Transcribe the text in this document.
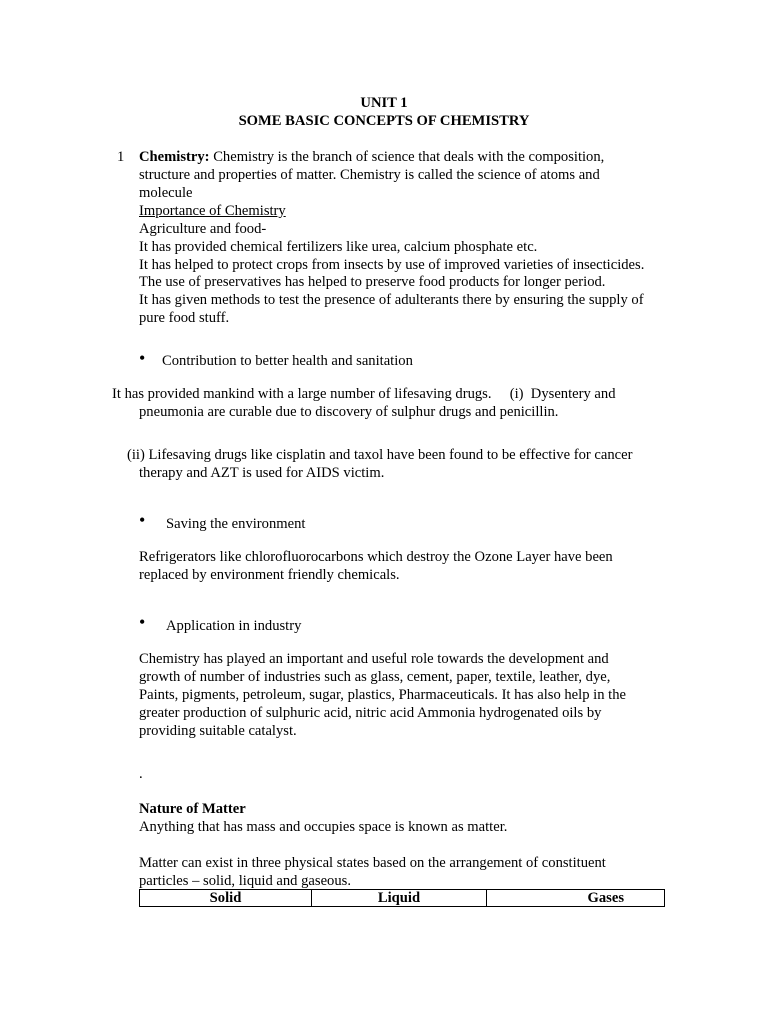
UNIT 1
SOME BASIC CONCEPTS OF CHEMISTRY
1 Chemistry: Chemistry is the branch of science that deals with the composition,
structure and properties of matter. Chemistry is called the science of atoms and
molecule
Importance of Chemistry
Agriculture and food-
It has provided chemical fertilizers like urea, calcium phosphate etc.
It has helped to protect crops from insects by use of improved varieties of insecticides.
The use of preservatives has helped to preserve food products for longer period.
It has given methods to test the presence of adulterants there by ensuring the supply of
pure food stuff.
• Contribution to better health and sanitation
It has provided mankind with a large number of lifesaving drugs.     (i)  Dysentery and
pneumonia are curable due to discovery of sulphur drugs and penicillin.
(ii) Lifesaving drugs like cisplatin and taxol have been found to be effective for cancer
therapy and AZT is used for AIDS victim.
• Saving the environment
Refrigerators like chlorofluorocarbons which destroy the Ozone Layer have been
replaced by environment friendly chemicals.
• Application in industry
Chemistry has played an important and useful role towards the development and
growth of number of industries such as glass, cement, paper, textile, leather, dye,
Paints, pigments, petroleum, sugar, plastics, Pharmaceuticals. It has also help in the
greater production of sulphuric acid, nitric acid Ammonia hydrogenated oils by
providing suitable catalyst.
.
Nature of Matter
Anything that has mass and occupies space is known as matter.
Matter can exist in three physical states based on the arrangement of constituent
particles – solid, liquid and gaseous.
Solid	Liquid	Gases
